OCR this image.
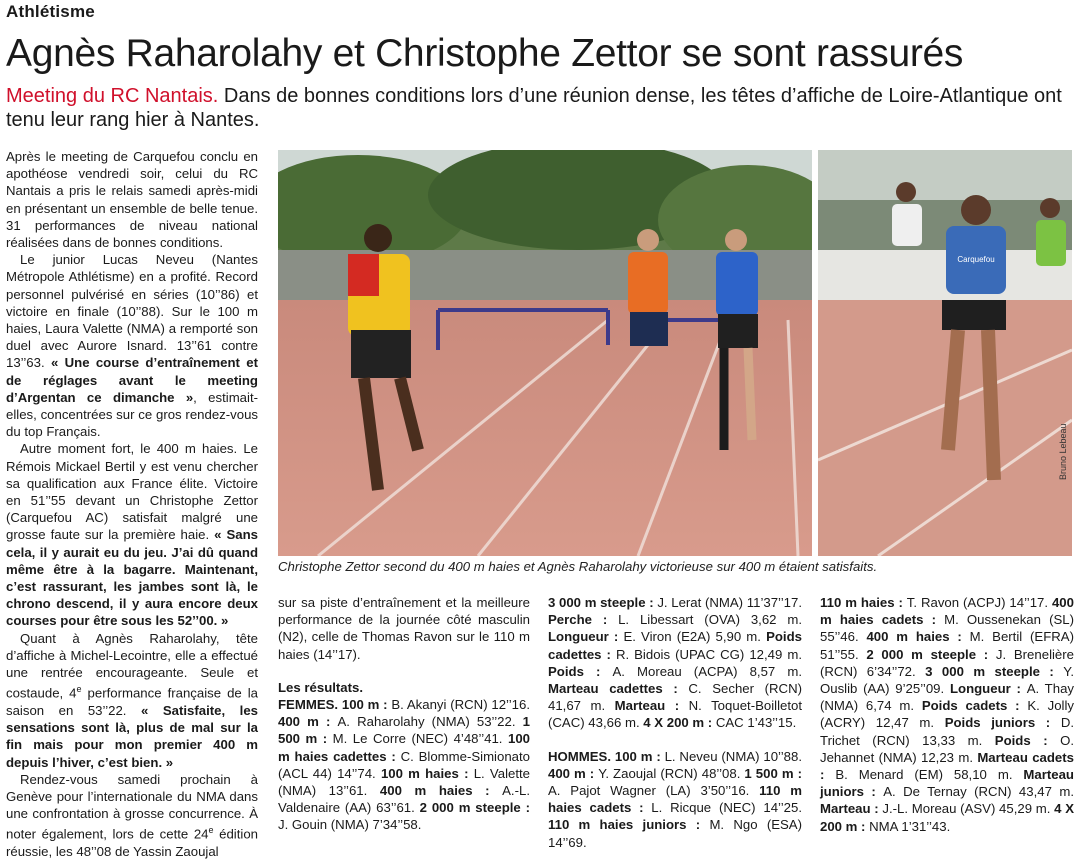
Athlétisme
Agnès Raharolahy et Christophe Zettor se sont rassurés
Meeting du RC Nantais. Dans de bonnes conditions lors d’une réunion dense, les têtes d’affiche de Loire-Atlantique ont tenu leur rang hier à Nantes.

Après le meeting de Carquefou conclu en apothéose vendredi soir, celui du RC Nantais a pris le relais samedi après-midi en présentant un ensemble de belle tenue. 31 performances de niveau national réalisées dans de bonnes conditions.

Le junior Lucas Neveu (Nantes Métropole Athlétisme) en a profité. Record personnel pulvérisé en séries (10’’86) et victoire en finale (10’’88). Sur le 100 m haies, Laura Valette (NMA) a remporté son duel avec Aurore Isnard. 13’’61 contre 13’’63. « Une course d’entraînement et de réglages avant le meeting d’Argentan ce dimanche », estimait-elles, concentrées sur ce gros rendez-vous du top Français.

Autre moment fort, le 400 m haies. Le Rémois Mickael Bertil y est venu chercher sa qualification aux France élite. Victoire en 51’’55 devant un Christophe Zettor (Carquefou AC) satisfait malgré une grosse faute sur la première haie. « Sans cela, il y aurait eu du jeu. J’ai dû quand même être à la bagarre. Maintenant, c’est rassurant, les jambes sont là, le chrono descend, il y aura encore deux courses pour être sous les 52’’00. »

Quant à Agnès Raharolahy, tête d’affiche à Michel-Lecointre, elle a effectué une rentrée encourageante. Seule et costaude, 4e performance française de la saison en 53’’22. « Satisfaite, les sensations sont là, plus de mal sur la fin mais pour mon premier 400 m depuis l’hiver, c’est bien. »

Rendez-vous samedi prochain à Genève pour l’internationale du NMA dans une confrontation à grosse concurrence. À noter également, lors de cette 24e édition réussie, les 48’’08 de Yassin Zaoujal

Carquefou
Bruno Lebeau
Christophe Zettor second du 400 m haies et Agnès Raharolahy victorieuse sur 400 m étaient satisfaits.

sur sa piste d’entraînement et la meilleure performance de la journée côté masculin (N2), celle de Thomas Ravon sur le 110 m haies (14’’17).

Les résultats.

FEMMES. 100 m : B. Akanyi (RCN) 12’’16. 400 m : A. Raharolahy (NMA) 53’’22. 1 500 m : M. Le Corre (NEC) 4’48’’41. 100 m haies cadettes : C. Blomme-Simionato (ACL 44) 14’’74. 100 m haies : L. Valette (NMA) 13’’61. 400 m haies : A.-L. Valdenaire (AA) 63’’61. 2 000 m steeple : J. Gouin (NMA) 7’34’’58.

3 000 m steeple : J. Lerat (NMA) 11’37’’17. Perche : L. Libessart (OVA) 3,62 m. Longueur : E. Viron (E2A) 5,90 m. Poids cadettes : R. Bidois (UPAC CG) 12,49 m. Poids : A. Moreau (ACPA) 8,57 m. Marteau cadettes : C. Secher (RCN) 41,67 m. Marteau : N. Toquet-Boilletot (CAC) 43,66 m. 4 X 200 m : CAC 1’43’’15.

HOMMES. 100 m : L. Neveu (NMA) 10’’88. 400 m : Y. Zaoujal (RCN) 48’’08. 1 500 m : A. Pajot Wagner (LA) 3’50’’16. 110 m haies cadets : L. Ricque (NEC) 14’’25. 110 m haies juniors : M. Ngo (ESA) 14’’69.

110 m haies : T. Ravon (ACPJ) 14’’17. 400 m haies cadets : M. Oussenekan (SL) 55’’46. 400 m haies : M. Bertil (EFRA) 51’’55. 2 000 m steeple : J. Brenelière (RCN) 6’34’’72. 3 000 m steeple : Y. Ouslib (AA) 9’25’’09. Longueur : A. Thay (NMA) 6,74 m. Poids cadets : K. Jolly (ACRY) 12,47 m. Poids juniors : D. Trichet (RCN) 13,33 m. Poids : O. Jehannet (NMA) 12,23 m. Marteau cadets : B. Menard (EM) 58,10 m. Marteau juniors : A. De Ternay (RCN) 43,47 m. Marteau : J.-L. Moreau (ASV) 45,29 m. 4 X 200 m : NMA 1’31’’43.
